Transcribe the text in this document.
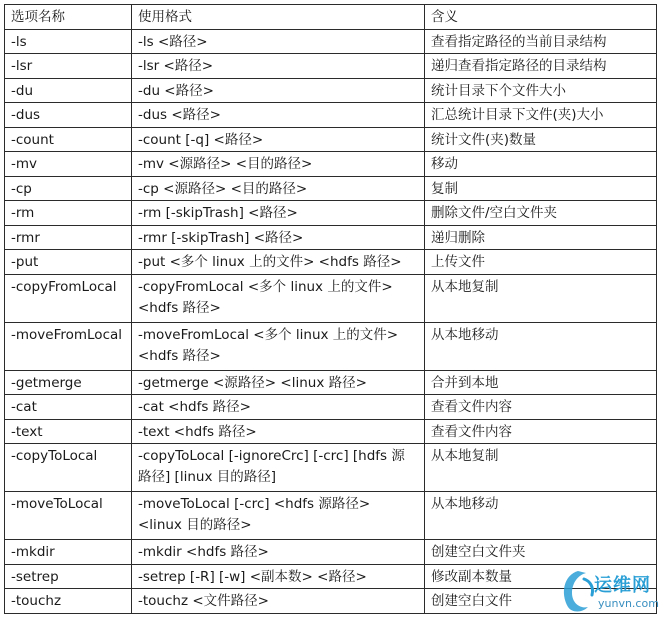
选项名称	使用格式	含义
-ls	-ls <路径>	查看指定路径的当前目录结构
-lsr	-lsr <路径>	递归查看指定路径的目录结构
-du	-du <路径>	统计目录下个文件大小
-dus	-dus <路径>	汇总统计目录下文件(夹)大小
-count	-count [-q] <路径>	统计文件(夹)数量
-mv	-mv <源路径> <目的路径>	移动
-cp	-cp <源路径> <目的路径>	复制
-rm	-rm [-skipTrash] <路径>	删除文件/空白文件夹
-rmr	-rmr [-skipTrash] <路径>	递归删除
-put	-put <多个 linux 上的文件> <hdfs 路径>	上传文件
-copyFromLocal	-copyFromLocal <多个 linux 上的文件> <hdfs 路径>	从本地复制
-moveFromLocal	-moveFromLocal <多个 linux 上的文件> <hdfs 路径>	从本地移动
-getmerge	-getmerge <源路径> <linux 路径>	合并到本地
-cat	-cat <hdfs 路径>	查看文件内容
-text	-text <hdfs 路径>	查看文件内容
-copyToLocal	-copyToLocal [-ignoreCrc] [-crc] [hdfs 源路径] [linux 目的路径]	从本地复制
-moveToLocal	-moveToLocal [-crc] <hdfs 源路径> <linux 目的路径>	从本地移动
-mkdir	-mkdir <hdfs 路径>	创建空白文件夹
-setrep	-setrep [-R] [-w] <副本数> <路径>	修改副本数量
-touchz	-touchz <文件路径>	创建空白文件
运维网
yunvn.com
